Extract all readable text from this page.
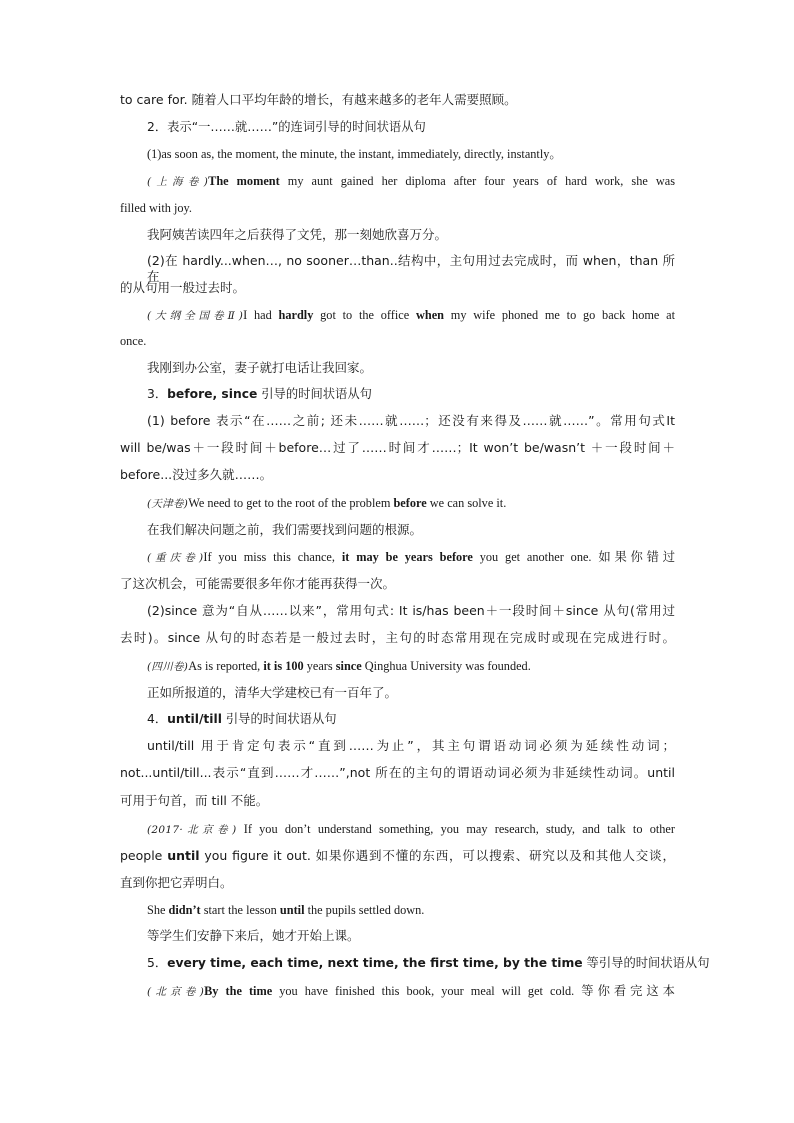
to care for. 随着人口平均年龄的增长，有越来越多的老年人需要照顾。
2．表示“一……就……”的连词引导的时间状语从句
(1)as soon as, the moment, the minute, the instant, immediately, directly, instantly。
(上海卷)The moment my aunt gained her diploma after four years of hard work, she was
filled with joy.
我阿姨苦读四年之后获得了文凭，那一刻她欣喜万分。
(2)在 hardly...when…, no sooner…than..结构中，主句用过去完成时，而 when，than 所在
的从句用一般过去时。
(大纲全国卷Ⅱ)I had hardly got to the office when my wife phoned me to go back home at
once.
我刚到办公室，妻子就打电话让我回家。
3．before, since 引导的时间状语从句
(1) before 表示“在……之前; 还未……就……；还没有来得及……就……”。常用句式It
will be/was＋一段时间＋before…过了……时间才……；It won’t be/wasn’t ＋一段时间＋
before...没过多久就……。
(天津卷)We need to get to the root of the problem before we can solve it.
在我们解决问题之前，我们需要找到问题的根源。
(重庆卷)If you miss this chance, it may be years before you get another one. 如果你错过
了这次机会，可能需要很多年你才能再获得一次。
(2)since 意为“自从……以来”，常用句式: It is/has been＋一段时间＋since 从句(常用过
去时)。since 从句的时态若是一般过去时，主句的时态常用现在完成时或现在完成进行时。
(四川卷)As is reported, it is 100 years since Qinghua University was founded.
正如所报道的，清华大学建校已有一百年了。
4．until/till 引导的时间状语从句
until/till 用于肯定句表示“直到……为止”，其主句谓语动词必须为延续性动词；
not...until/till...表示“直到……才……”,not 所在的主句的谓语动词必须为非延续性动词。until
可用于句首，而 till 不能。
(2017·北京卷) If you don’t understand something, you may research, study, and talk to other
people until you figure it out. 如果你遇到不懂的东西，可以搜索、研究以及和其他人交谈，
直到你把它弄明白。
She didn’t start the lesson until the pupils settled down.
等学生们安静下来后，她才开始上课。
5．every time, each time, next time, the first time, by the time 等引导的时间状语从句
(北京卷)By the time you have finished this book, your meal will get cold. 等你看完这本
